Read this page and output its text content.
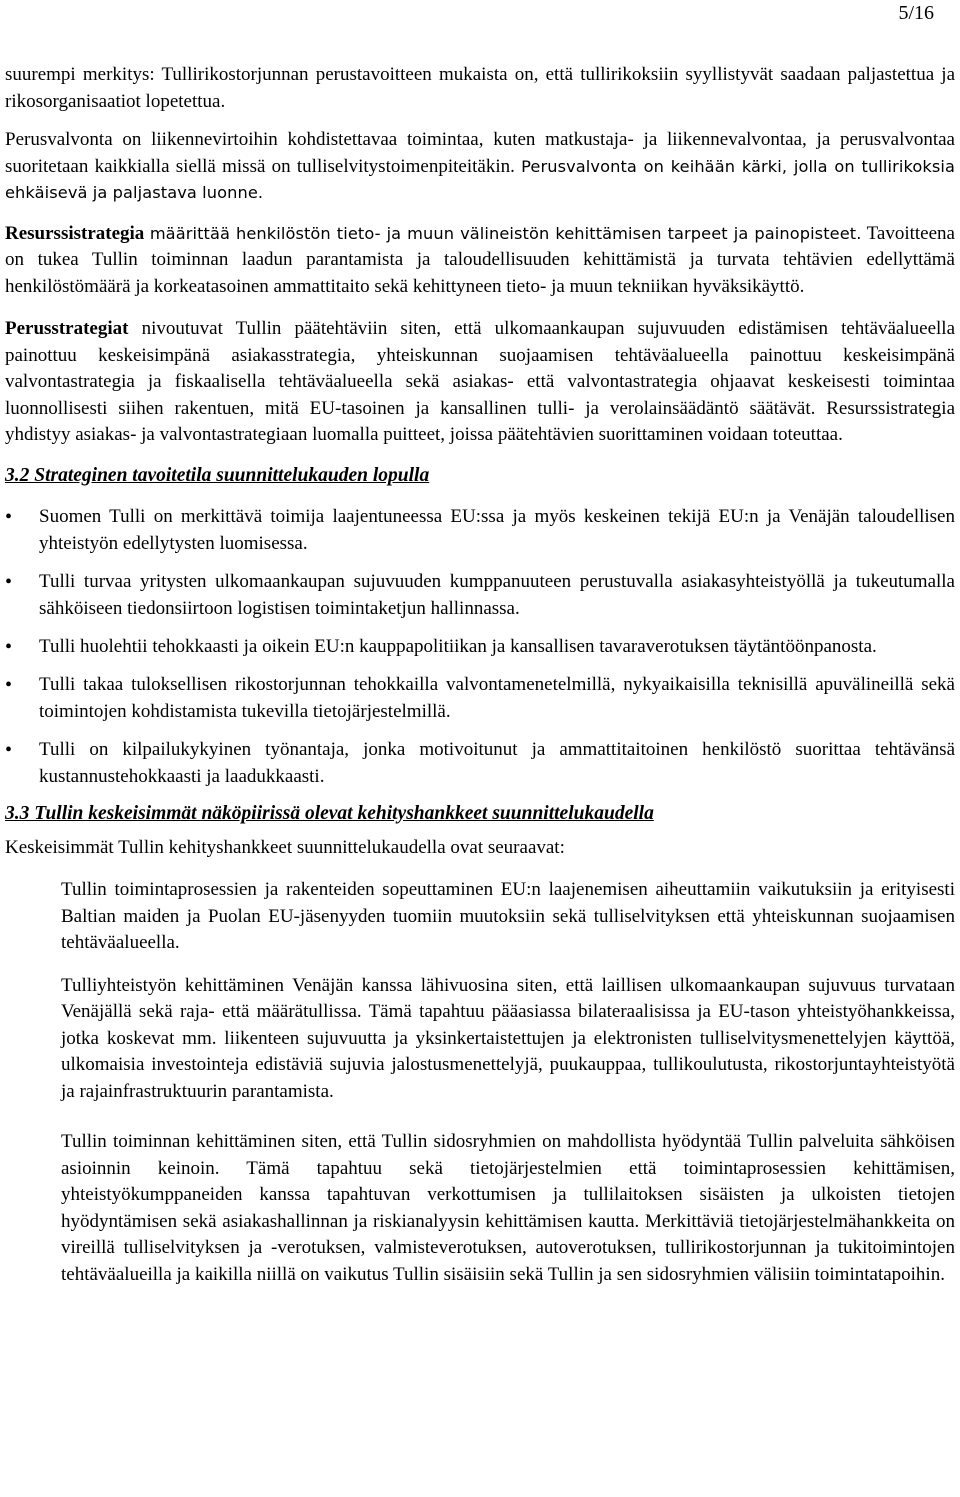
5/16

suurempi merkitys: Tullirikostorjunnan perustavoitteen mukaista on, että tullirikoksiin syyllistyvät saadaan paljastettua ja rikosorganisaatiot lopetettua.

Perusvalvonta on liikennevirtoihin kohdistettavaa toimintaa, kuten matkustaja- ja liikennevalvontaa, ja perusvalvontaa suoritetaan kaikkialla siellä missä on tulliselvitystoimenpiteitäkin. Perusvalvonta on keihään kärki, jolla on tullirikoksia ehkäisevä ja paljastava luonne.

Resurssistrategia määrittää henkilöstön tieto- ja muun välineistön kehittämisen tarpeet ja painopisteet. Tavoitteena on tukea Tullin toiminnan laadun parantamista ja taloudellisuuden kehittämistä ja turvata tehtävien edellyttämä henkilöstömäärä ja korkeatasoinen ammattitaito sekä kehittyneen tieto- ja muun tekniikan hyväksikäyttö.

Perusstrategiat nivoutuvat Tullin päätehtäviin siten, että ulkomaankaupan sujuvuuden edistämisen tehtäväalueella painottuu keskeisimpänä asiakasstrategia, yhteiskunnan suojaamisen tehtäväalueella painottuu keskeisimpänä valvontastrategia ja fiskaalisella tehtäväalueella sekä asiakas- että valvontastrategia ohjaavat keskeisesti toimintaa luonnollisesti siihen rakentuen, mitä EU-tasoinen ja kansallinen tulli- ja verolainsäädäntö säätävät. Resurssistrategia yhdistyy asiakas- ja valvontastrategiaan luomalla puitteet, joissa päätehtävien suorittaminen voidaan toteuttaa.

3.2 Strateginen tavoitetila suunnittelukauden lopulla
• Suomen Tulli on merkittävä toimija laajentuneessa EU:ssa ja myös keskeinen tekijä EU:n ja Venäjän taloudellisen yhteistyön edellytysten luomisessa.

• Tulli turvaa yritysten ulkomaankaupan sujuvuuden kumppanuuteen perustuvalla asiakasyhteistyöllä ja tukeutumalla sähköiseen tiedonsiirtoon logistisen toimintaketjun hallinnassa.

• Tulli huolehtii tehokkaasti ja oikein EU:n kauppapolitiikan ja kansallisen tavaraverotuksen täytäntöönpanosta.

• Tulli takaa tuloksellisen rikostorjunnan tehokkailla valvontamenetelmillä, nykyaikaisilla teknisillä apuvälineillä sekä toimintojen kohdistamista tukevilla tietojärjestelmillä.

• Tulli on kilpailukykyinen työnantaja, jonka motivoitunut ja ammattitaitoinen henkilöstö suorittaa tehtävänsä kustannustehokkaasti ja laadukkaasti.

3.3 Tullin keskeisimmät näköpiirissä olevat kehityshankkeet suunnittelukaudella

Keskeisimmät Tullin kehityshankkeet suunnittelukaudella ovat seuraavat:

Tullin toimintaprosessien ja rakenteiden sopeuttaminen EU:n laajenemisen aiheuttamiin vaikutuksiin ja erityisesti Baltian maiden ja Puolan EU-jäsenyyden tuomiin muutoksiin sekä tulliselvityksen että yhteiskunnan suojaamisen tehtäväalueella.

Tulliyhteistyön kehittäminen Venäjän kanssa lähivuosina siten, että laillisen ulkomaankaupan sujuvuus turvataan Venäjällä sekä raja- että määrätullissa. Tämä tapahtuu pääasiassa bilateraalisissa ja EU-tason yhteistyöhankkeissa, jotka koskevat mm. liikenteen sujuvuutta ja yksinkertaistettujen ja elektronisten tulliselvitysmenettelyjen käyttöä, ulkomaisia investointeja edistäviä sujuvia jalostusmenettelyjä, puukauppaa, tullikoulutusta, rikostorjuntayhteistyötä ja rajainfrastruktuurin parantamista.

Tullin toiminnan kehittäminen siten, että Tullin sidosryhmien on mahdollista hyödyntää Tullin palveluita sähköisen asioinnin keinoin. Tämä tapahtuu sekä tietojärjestelmien että toimintaprosessien kehittämisen, yhteistyökumppaneiden kanssa tapahtuvan verkottumisen ja tullilaitoksen sisäisten ja ulkoisten tietojen hyödyntämisen sekä asiakashallinnan ja riskianalyysin kehittämisen kautta. Merkittäviä tietojärjestelmähankkeita on vireillä tulliselvityksen ja -verotuksen, valmisteverotuksen, autoverotuksen, tullirikostorjunnan ja tukitoimintojen tehtäväalueilla ja kaikilla niillä on vaikutus Tullin sisäisiin sekä Tullin ja sen sidosryhmien välisiin toimintatapoihin.
